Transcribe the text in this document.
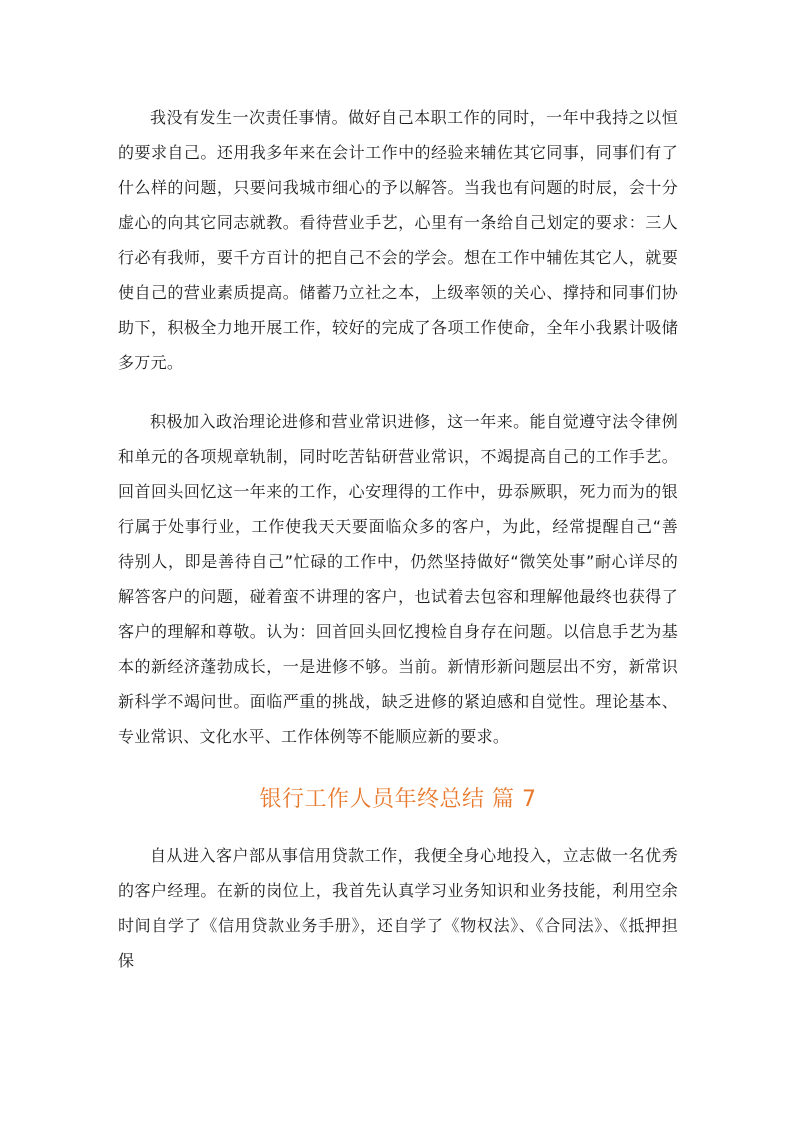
我没有发生一次责任事情。做好自己本职工作的同时，一年中我持之以恒的要求自己。还用我多年来在会计工作中的经验来辅佐其它同事，同事们有了什么样的问题，只要问我城市细心的予以解答。当我也有问题的时辰，会十分虚心的向其它同志就教。看待营业手艺，心里有一条给自己划定的要求：三人行必有我师，要千方百计的把自己不会的学会。想在工作中辅佐其它人，就要使自己的营业素质提高。储蓄乃立社之本，上级率领的关心、撑持和同事们协助下，积极全力地开展工作，较好的完成了各项工作使命，全年小我累计吸储多万元。

积极加入政治理论进修和营业常识进修，这一年来。能自觉遵守法令律例和单元的各项规章轨制，同时吃苦钻研营业常识，不竭提高自己的工作手艺。回首回头回忆这一年来的工作，心安理得的工作中，毋忝厥职，死力而为的银行属于处事行业，工作使我天天要面临众多的客户，为此，经常提醒自己“善待别人，即是善待自己”忙碌的工作中，仍然坚持做好“微笑处事”耐心详尽的解答客户的问题，碰着蛮不讲理的客户，也试着去包容和理解他最终也获得了客户的理解和尊敬。认为：回首回头回忆搜检自身存在问题。以信息手艺为基本的新经济蓬勃成长，一是进修不够。当前。新情形新问题层出不穷，新常识新科学不竭问世。面临严重的挑战，缺乏进修的紧迫感和自觉性。理论基本、专业常识、文化水平、工作体例等不能顺应新的要求。

银行工作人员年终总结 篇 7

自从进入客户部从事信用贷款工作，我便全身心地投入，立志做一名优秀的客户经理。在新的岗位上，我首先认真学习业务知识和业务技能，利用空余时间自学了《信用贷款业务手册》，还自学了《物权法》、《合同法》、《抵押担保
